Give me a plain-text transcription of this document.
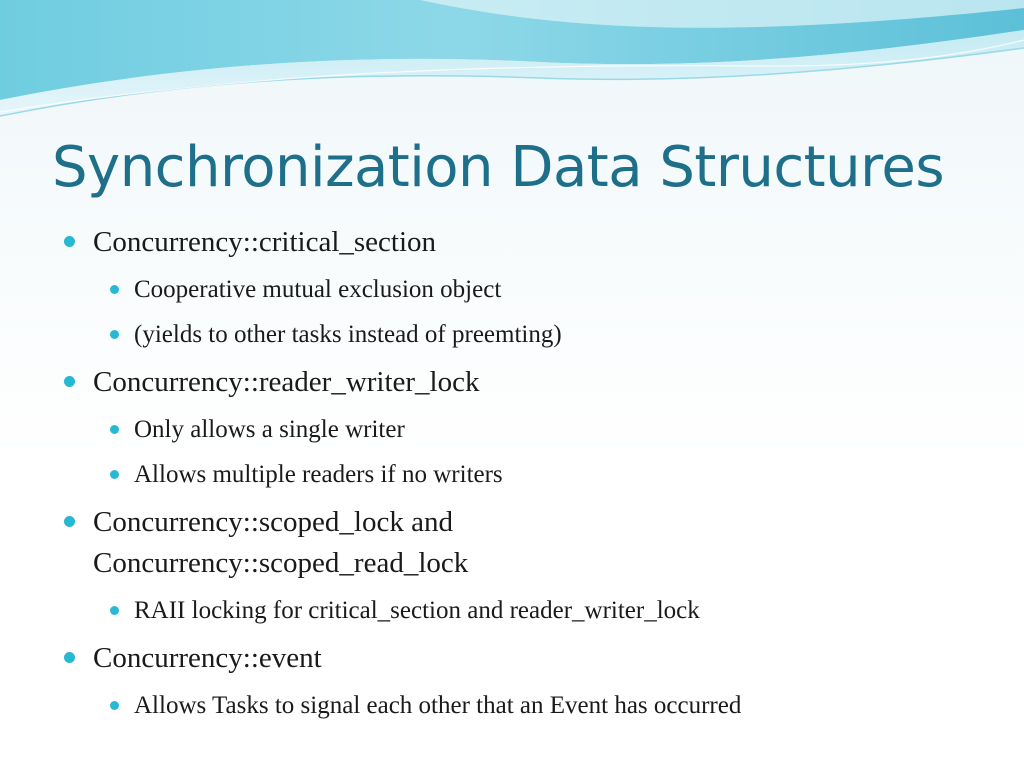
Synchronization Data Structures
Concurrency::critical_section
Cooperative mutual exclusion object
(yields to other tasks instead of preemting)
Concurrency::reader_writer_lock
Only allows a single writer
Allows multiple readers if no writers
Concurrency::scoped_lock and
Concurrency::scoped_read_lock
RAII locking for critical_section and reader_writer_lock
Concurrency::event
Allows Tasks to signal each other that an Event has occurred
